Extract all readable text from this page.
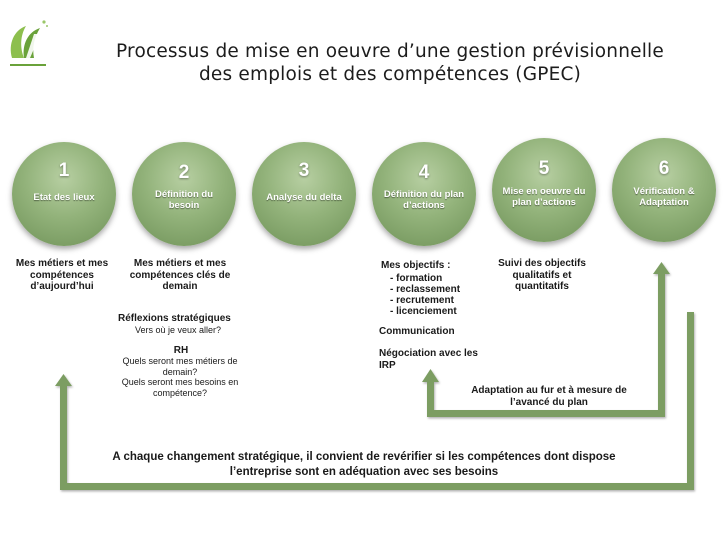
Processus de mise en oeuvre d’une gestion prévisionnelle
des emplois et des compétences (GPEC)
1	2	3	4	5	6
Etat des lieux	Définition du besoin
Analyse du delta	Définition du plan d’actions
Mise en oeuvre du plan d’actions
Vérification & Adaptation
Mes métiers et mes compétences d’aujourd’hui
Mes métiers et mes compétences clés de demain
Réflexions stratégiques
Vers où je veux aller?
RH
Quels seront mes métiers de demain?
Quels seront mes besoins en compétence?
Mes objectifs :
- formation
- reclassement
- recrutement
- licenciement
Communication
Négociation avec les IRP
Suivi des objectifs qualitatifs et quantitatifs
Adaptation au fur et à mesure de l’avancé du plan
A chaque changement stratégique, il convient de revérifier si les compétences dont dispose l’entreprise sont en adéquation avec ses besoins
